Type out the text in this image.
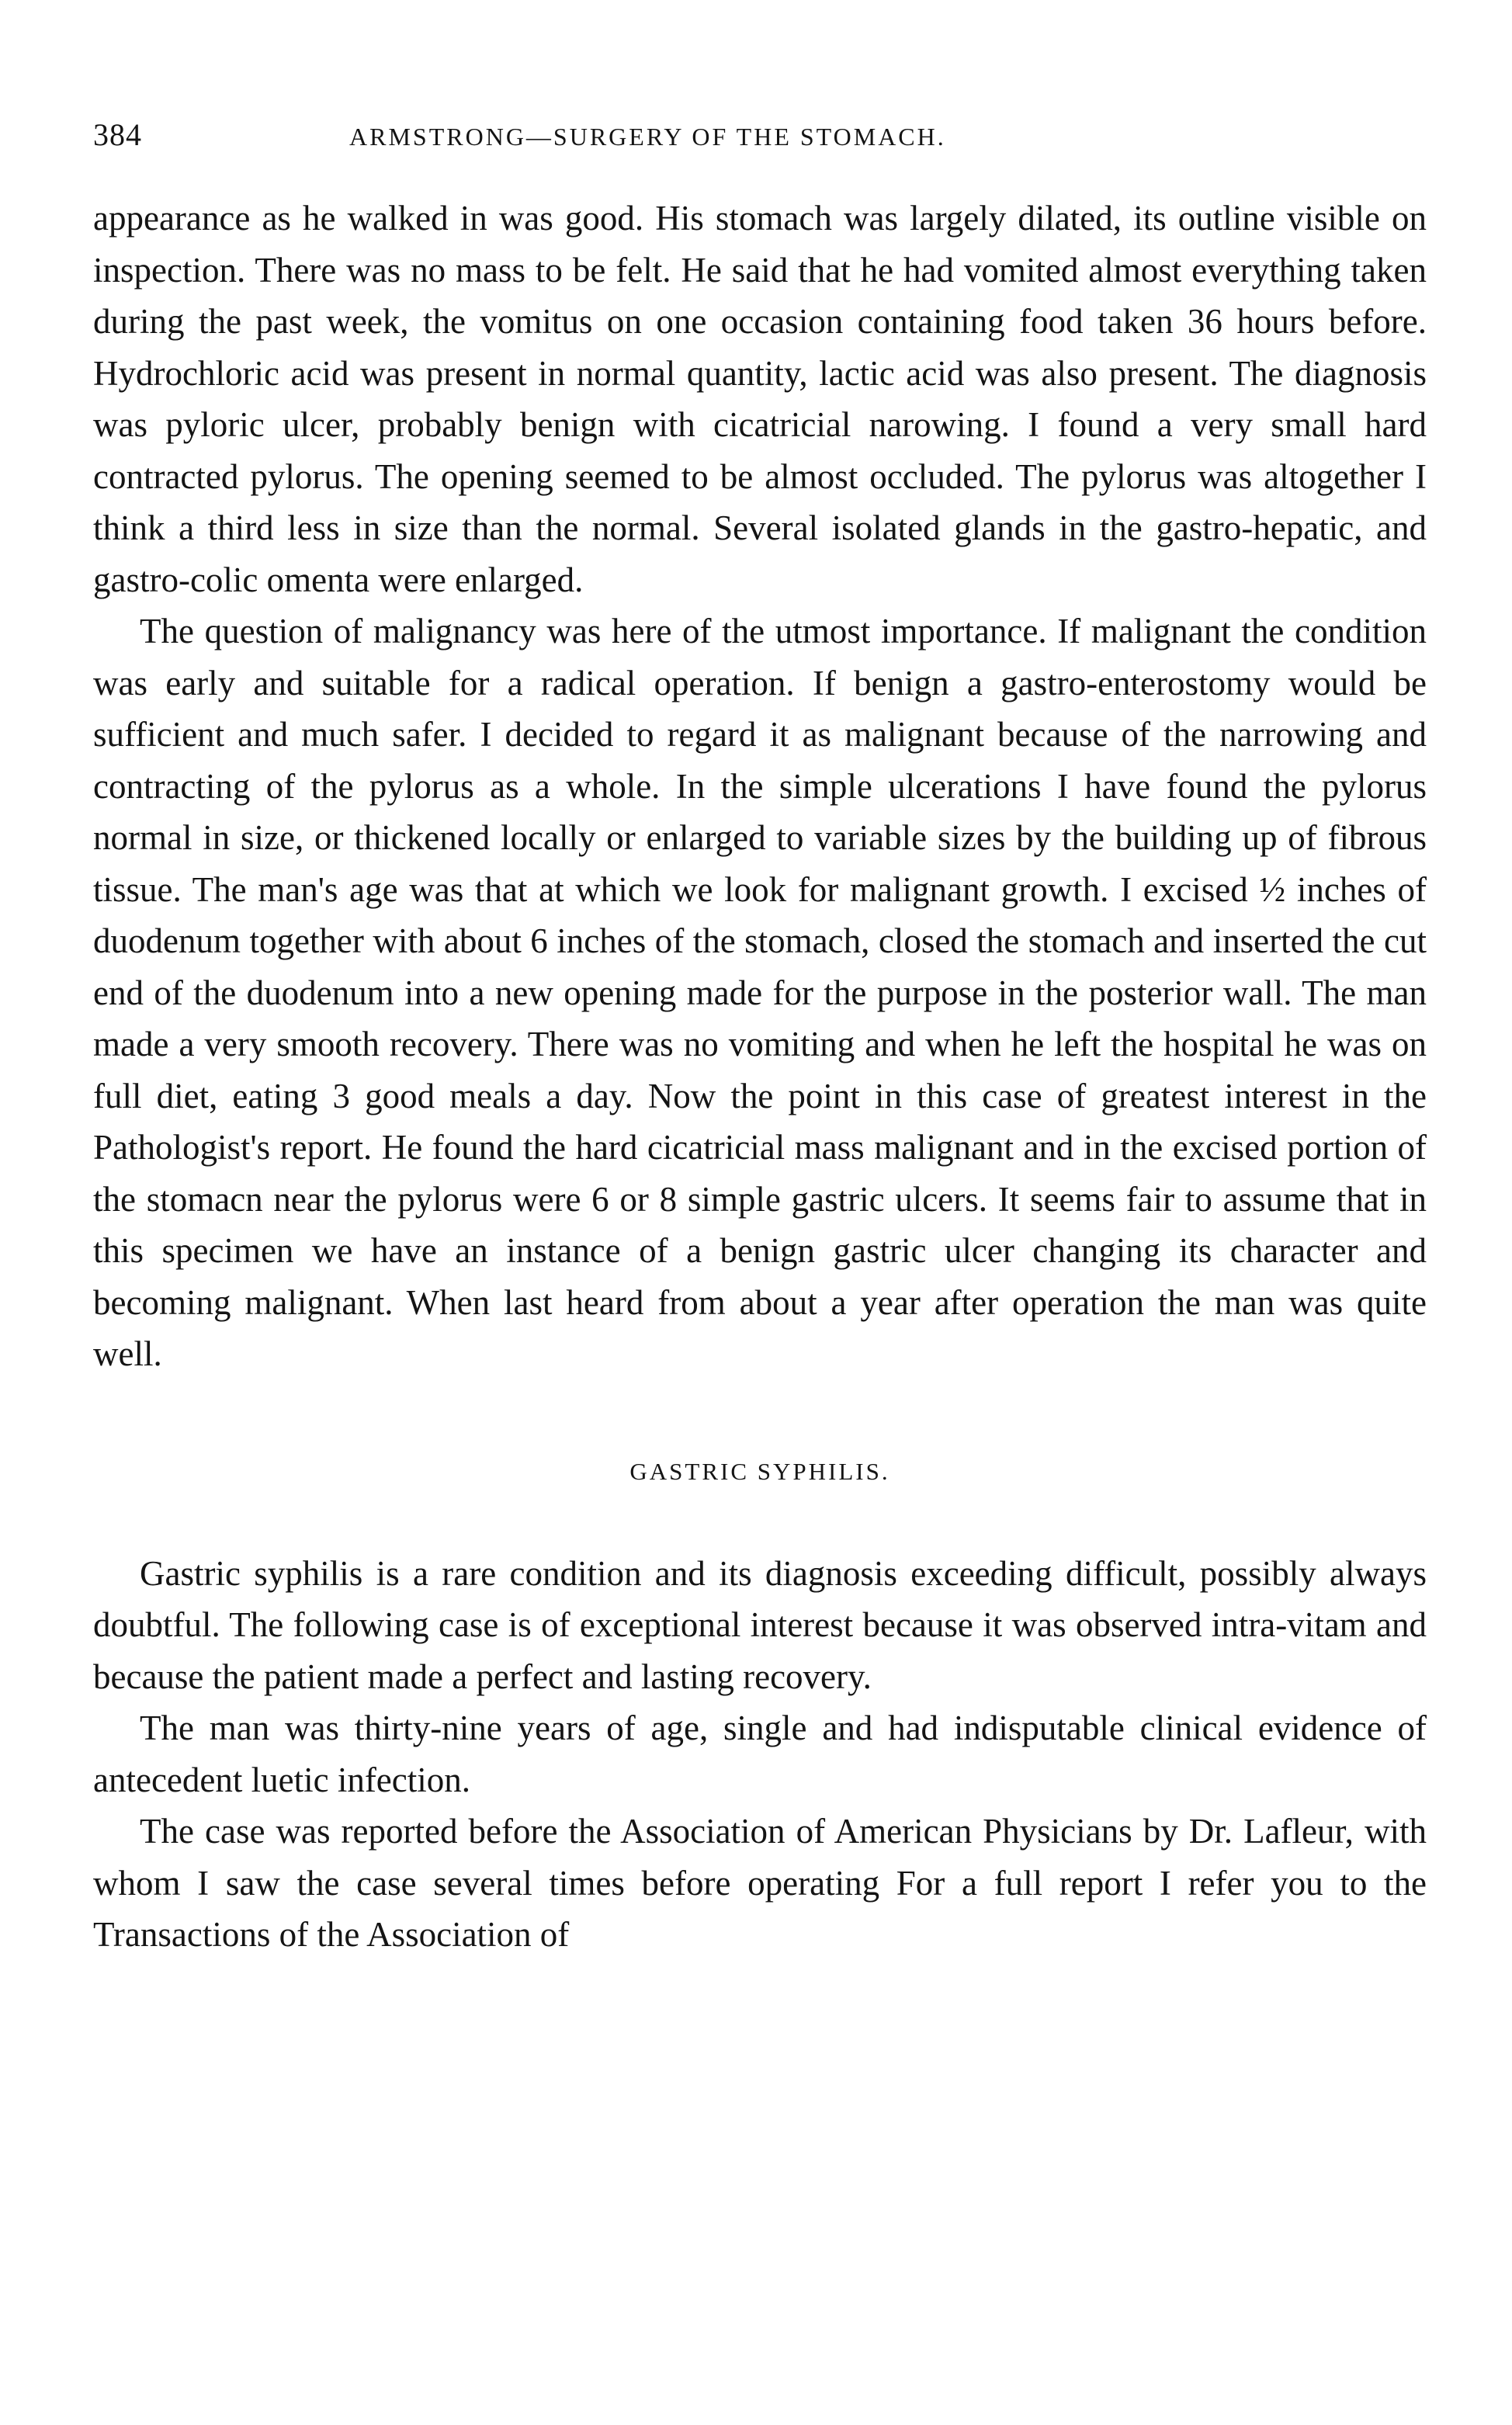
384	ARMSTRONG—SURGERY OF THE STOMACH.

appearance as he walked in was good. His stomach was largely dilated, its outline visible on inspection. There was no mass to be felt. He said that he had vomited almost everything taken during the past week, the vomitus on one occasion containing food taken 36 hours before. Hydrochloric acid was present in normal quantity, lactic acid was also present. The diagnosis was pyloric ulcer, probably benign with cicatricial narowing. I found a very small hard contracted pylorus. The opening seemed to be almost occluded. The pylorus was altogether I think a third less in size than the normal. Several isolated glands in the gastro-hepatic, and gastro-colic omenta were enlarged.

The question of malignancy was here of the utmost importance. If malignant the condition was early and suitable for a radical operation. If benign a gastro-enterostomy would be sufficient and much safer. I decided to regard it as malignant because of the narrowing and contracting of the pylorus as a whole. In the simple ulcerations I have found the pylorus normal in size, or thickened locally or enlarged to variable sizes by the building up of fibrous tissue. The man's age was that at which we look for malignant growth. I excised ½ inches of duodenum together with about 6 inches of the stomach, closed the stomach and inserted the cut end of the duodenum into a new opening made for the purpose in the posterior wall. The man made a very smooth recovery. There was no vomiting and when he left the hospital he was on full diet, eating 3 good meals a day. Now the point in this case of greatest interest in the Pathologist's report. He found the hard cicatricial mass malignant and in the excised portion of the stomacn near the pylorus were 6 or 8 simple gastric ulcers. It seems fair to assume that in this specimen we have an instance of a benign gastric ulcer changing its character and becoming malignant. When last heard from about a year after operation the man was quite well.

GASTRIC SYPHILIS.

Gastric syphilis is a rare condition and its diagnosis exceeding difficult, possibly always doubtful. The following case is of exceptional interest because it was observed intra-vitam and because the patient made a perfect and lasting recovery.

The man was thirty-nine years of age, single and had indisputable clinical evidence of antecedent luetic infection.

The case was reported before the Association of American Physicians by Dr. Lafleur, with whom I saw the case several times before operating For a full report I refer you to the Transactions of the Association of
